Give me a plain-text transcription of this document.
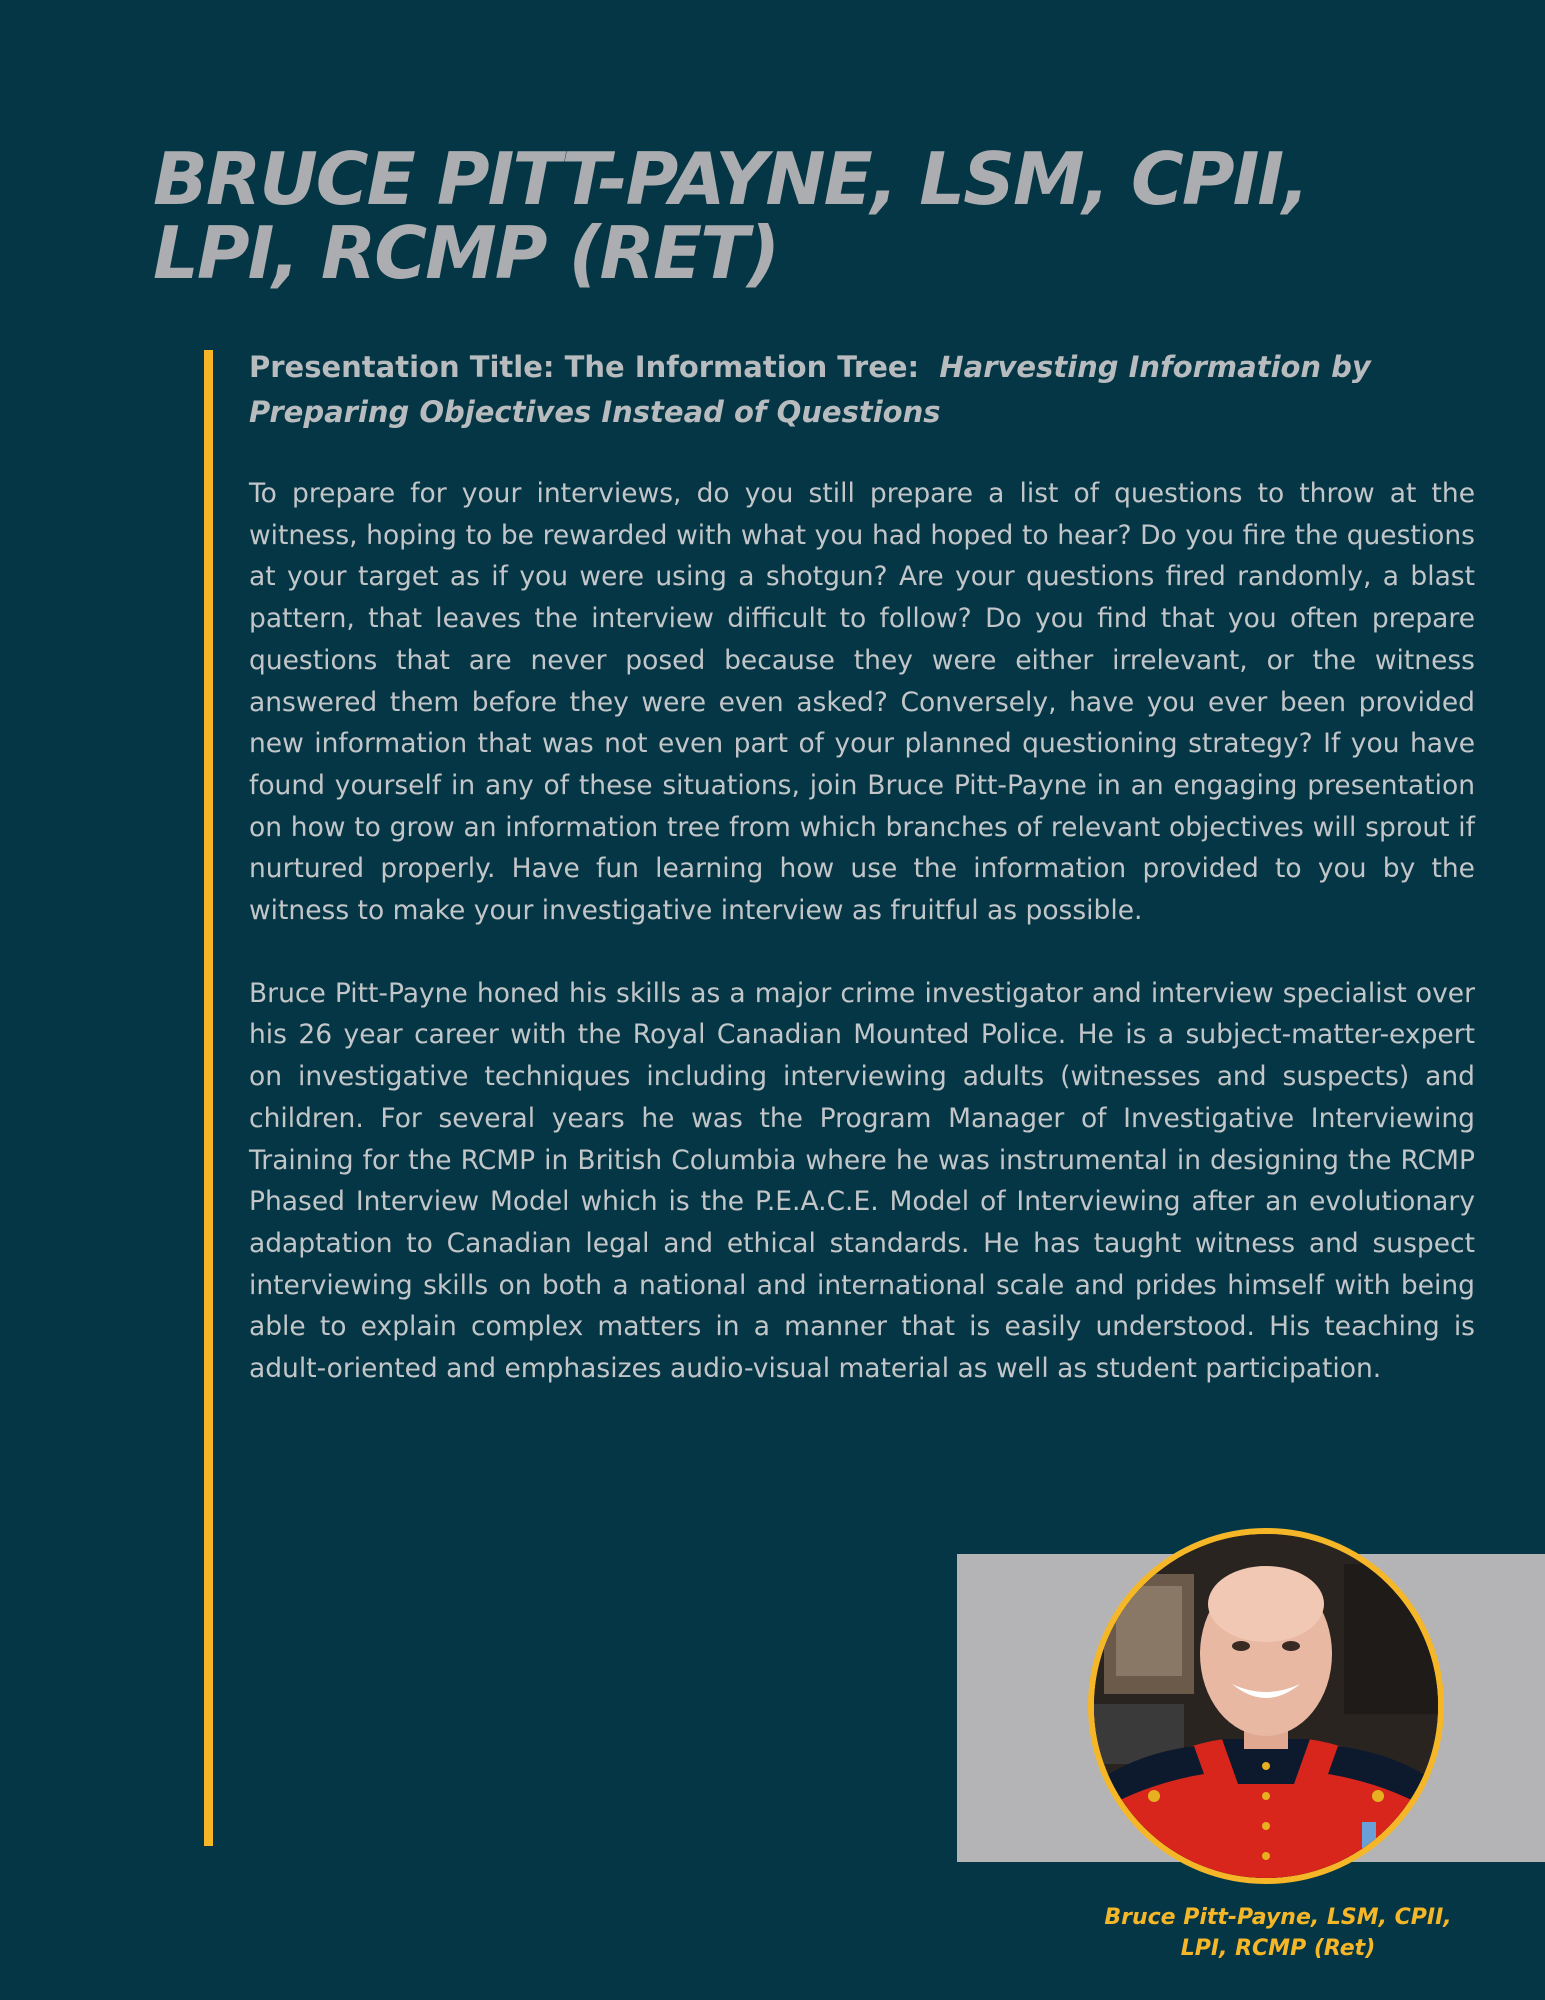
BRUCE PITT-PAYNE, LSM, CPII,
LPI, RCMP (RET)

Presentation Title: The Information Tree: Harvesting Information by Preparing Objectives Instead of Questions

To prepare for your interviews, do you still prepare a list of questions to throw at the witness, hoping to be rewarded with what you had hoped to hear? Do you fire the questions at your target as if you were using a shotgun? Are your questions fired randomly, a blast pattern, that leaves the interview difficult to follow? Do you find that you often prepare questions that are never posed because they were either irrelevant, or the witness answered them before they were even asked? Conversely, have you ever been provided new information that was not even part of your planned questioning strategy? If you have found yourself in any of these situations, join Bruce Pitt-Payne in an engaging presentation on how to grow an information tree from which branches of relevant objectives will sprout if nurtured properly. Have fun learning how use the information provided to you by the witness to make your investigative interview as fruitful as possible.

Bruce Pitt-Payne honed his skills as a major crime investigator and interview specialist over his 26 year career with the Royal Canadian Mounted Police. He is a subject-matter-expert on investigative techniques including interviewing adults (witnesses and suspects) and children. For several years he was the Program Manager of Investigative Interviewing Training for the RCMP in British Columbia where he was instrumental in designing the RCMP Phased Interview Model which is the P.E.A.C.E. Model of Interviewing after an evolutionary adaptation to Canadian legal and ethical standards. He has taught witness and suspect interviewing skills on both a national and international scale and prides himself with being able to explain complex matters in a manner that is easily understood. His teaching is adult-oriented and emphasizes audio-visual material as well as student participation.

Bruce Pitt-Payne, LSM, CPII,
LPI, RCMP (Ret)
